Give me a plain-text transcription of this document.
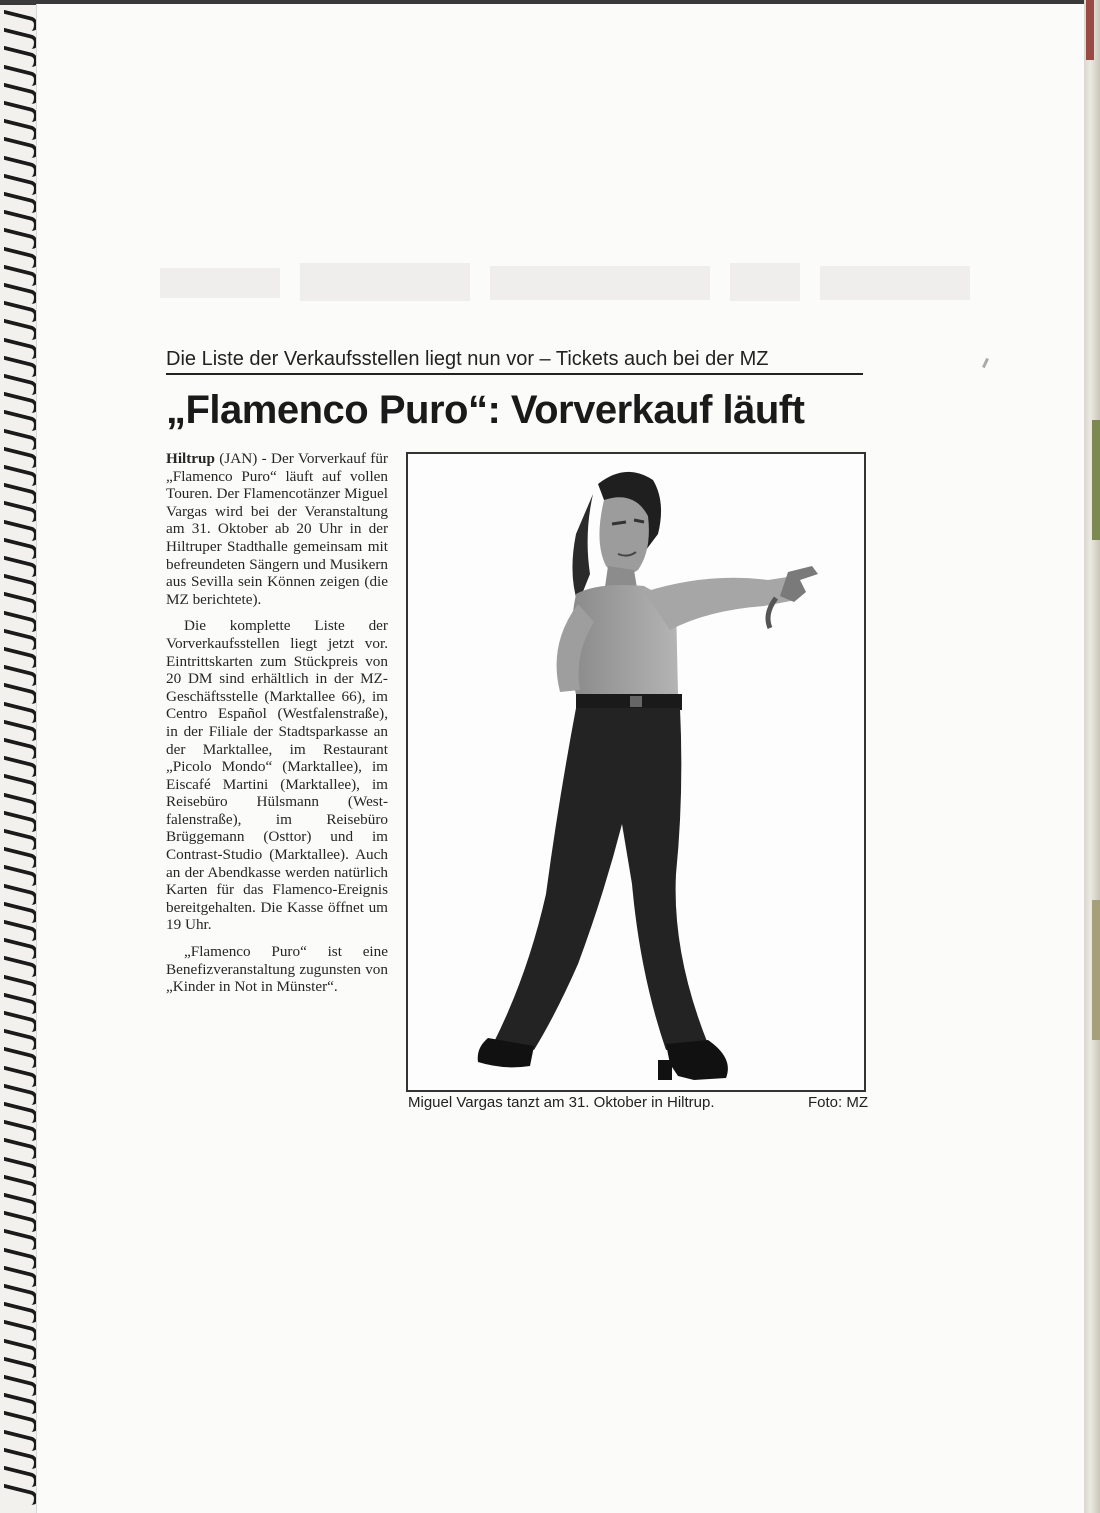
Die Liste der Verkaufsstellen liegt nun vor – Tickets auch bei der MZ
„Flamenco Puro“: Vorverkauf läuft

Hiltrup (JAN) - Der Vorverkauf für „Flamenco Puro“ läuft auf vollen Touren. Der Flamencotänzer Miguel Vargas wird bei der Veranstaltung am 31. Oktober ab 20 Uhr in der Hiltruper Stadthalle gemeinsam mit befreundeten Sängern und Musikern aus Sevilla sein Können zeigen (die MZ berichtete).

Die komplette Liste der Vorverkaufsstellen liegt jetzt vor. Eintrittskarten zum Stückpreis von 20 DM sind erhältlich in der MZ-Geschäftsstelle (Marktallee 66), im Centro Español (Westfalenstraße), in der Filiale der Stadtsparkasse an der Marktallee, im Restaurant „Picolo Mondo“ (Marktallee), im Eiscafé Martini (Marktallee), im Reisebüro Hülsmann (Westfalenstraße), im Reisebüro Brüggemann (Osttor) und im Contrast-Studio (Marktallee). Auch an der Abendkasse werden natürlich Karten für das Flamenco-Ereignis bereitgehalten. Die Kasse öffnet um 19 Uhr.

„Flamenco Puro“ ist eine Benefizveranstaltung zugunsten von „Kinder in Not in Münster“.

Miguel Vargas tanzt am 31. Oktober in Hiltrup.	Foto: MZ
